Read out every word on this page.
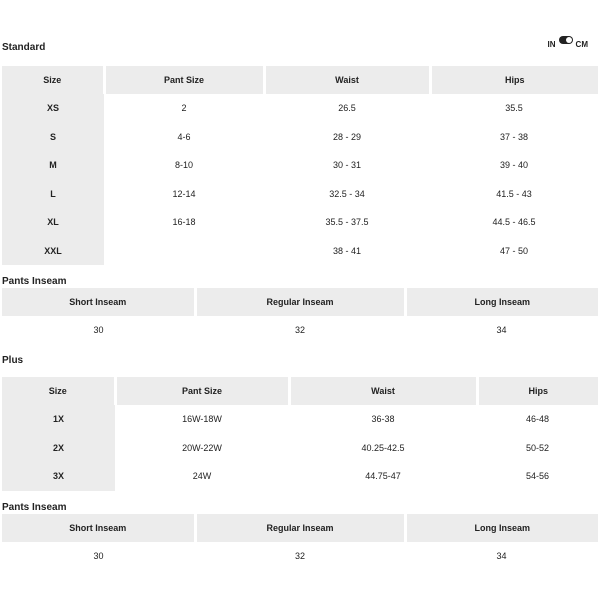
Standard	IN	CM
Size	Pant Size	Waist	Hips
XS	2	26.5	35.5
S	4-6	28 - 29	37 - 38
M	8-10	30 - 31	39 - 40
L	12-14	32.5 - 34	41.5 - 43
XL	16-18	35.5 - 37.5	44.5 - 46.5
XXL		38 - 41	47 - 50
Pants Inseam
Short Inseam	Regular Inseam	Long Inseam
30	32	34
Plus
Size	Pant Size	Waist	Hips
1X	16W-18W	36-38	46-48
2X	20W-22W	40.25-42.5	50-52
3X	24W	44.75-47	54-56
Pants Inseam
Short Inseam	Regular Inseam	Long Inseam
30	32	34
